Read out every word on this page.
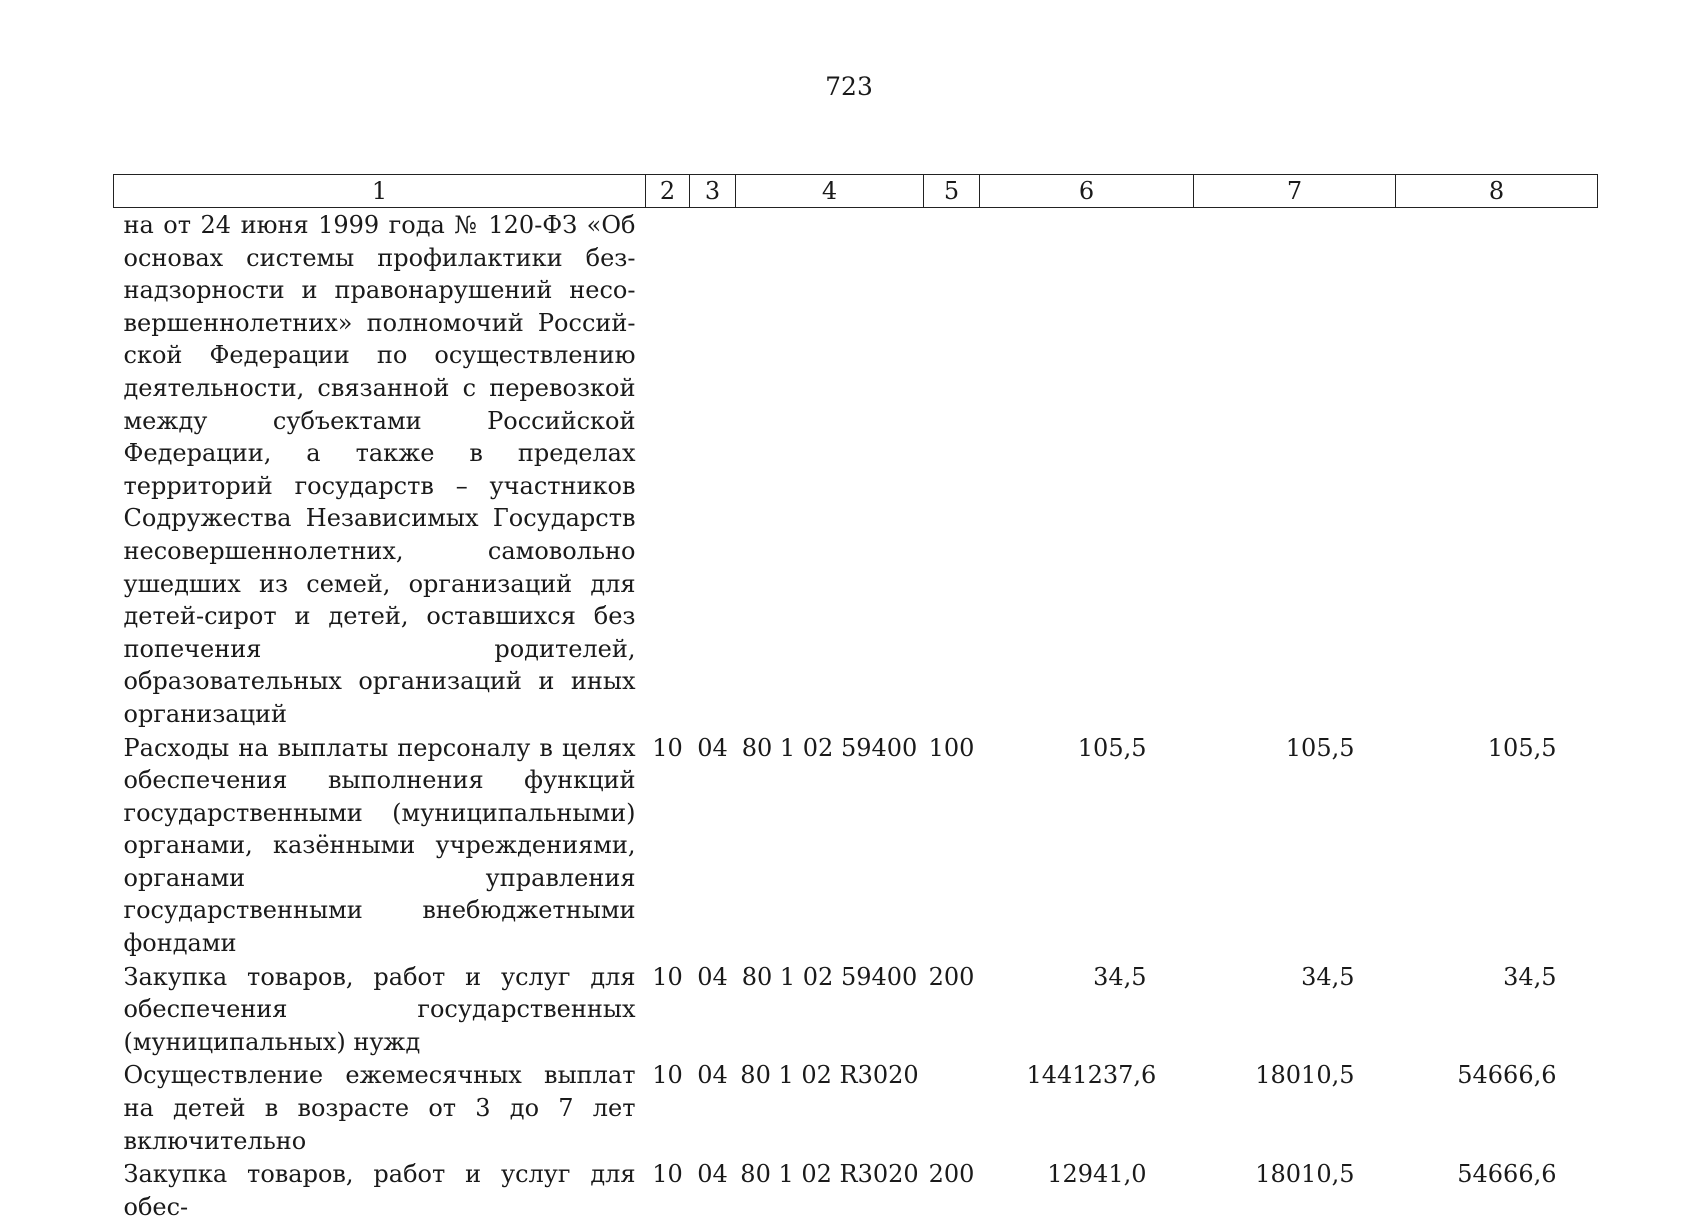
723
1	2	3	4	5	6	7	8
на от 24 июня 1999 года № 120-ФЗ «Об основах системы профилактики безнадзорности и правонарушений несовершеннолетних» полномочий Российской Федерации по осуществлению деятельности, связанной с перевозкой между субъектами Российской Федерации, а также в пределах территорий государств – участников Содружества Независимых Государств несовершеннолетних, самовольно ушедших из семей, организаций для детей-сирот и детей, оставшихся без попечения родителей, образовательных организаций и иных организаций							
Расходы на выплаты персоналу в целях обеспечения выполнения функций государственными (муниципальными) органами, казёнными учреждениями, органами управления государственными внебюджетными фондами	10	04	80 1 02 59400	100	105,5	105,5	105,5
Закупка товаров, работ и услуг для обеспечения государственных (муниципальных) нужд	10	04	80 1 02 59400	200	34,5	34,5	34,5
Осуществление ежемесячных выплат на детей в возрасте от 3 до 7 лет включительно	10	04	80 1 02 R3020		1441237,6	18010,5	54666,6
Закупка товаров, работ и услуг для обес-	10	04	80 1 02 R3020	200	12941,0	18010,5	54666,6
